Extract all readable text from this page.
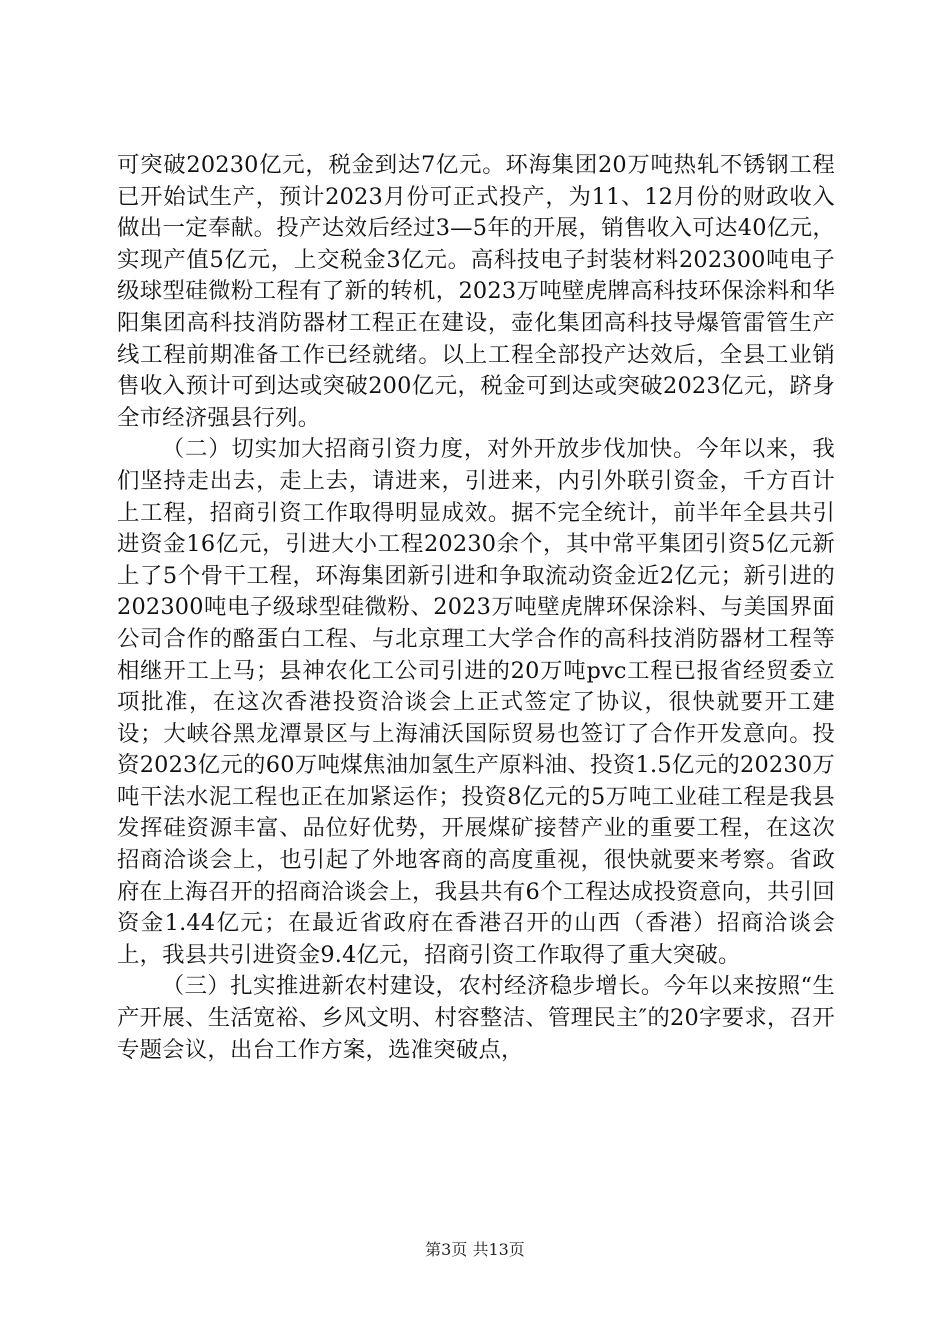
可突破20230亿元，税金到达7亿元。环海集团20万吨热轧不锈钢工程已开始试生产，预计2023月份可正式投产，为11、12月份的财政收入做出一定奉献。投产达效后经过3—5年的开展，销售收入可达40亿元，实现产值5亿元，上交税金3亿元。高科技电子封装材料202300吨电子级球型硅微粉工程有了新的转机，2023万吨壁虎牌高科技环保涂料和华阳集团高科技消防器材工程正在建设，壶化集团高科技导爆管雷管生产线工程前期准备工作已经就绪。以上工程全部投产达效后，全县工业销售收入预计可到达或突破200亿元，税金可到达或突破2023亿元，跻身全市经济强县行列。

（二）切实加大招商引资力度，对外开放步伐加快。今年以来，我们坚持走出去，走上去，请进来，引进来，内引外联引资金，千方百计上工程，招商引资工作取得明显成效。据不完全统计，前半年全县共引进资金16亿元，引进大小工程20230余个，其中常平集团引资5亿元新上了5个骨干工程，环海集团新引进和争取流动资金近2亿元；新引进的202300吨电子级球型硅微粉、2023万吨壁虎牌环保涂料、与美国界面公司合作的酪蛋白工程、与北京理工大学合作的高科技消防器材工程等相继开工上马；县神农化工公司引进的20万吨pvc工程已报省经贸委立项批准，在这次香港投资洽谈会上正式签定了协议，很快就要开工建设；大峡谷黑龙潭景区与上海浦沃国际贸易也签订了合作开发意向。投资2023亿元的60万吨煤焦油加氢生产原料油、投资1.5亿元的20230万吨干法水泥工程也正在加紧运作；投资8亿元的5万吨工业硅工程是我县发挥硅资源丰富、品位好优势，开展煤矿接替产业的重要工程，在这次招商洽谈会上，也引起了外地客商的高度重视，很快就要来考察。省政府在上海召开的招商洽谈会上，我县共有6个工程达成投资意向，共引回资金1.44亿元；在最近省政府在香港召开的山西（香港）招商洽谈会上，我县共引进资金9.4亿元，招商引资工作取得了重大突破。

（三）扎实推进新农村建设，农村经济稳步增长。今年以来按照“生产开展、生活宽裕、乡风文明、村容整洁、管理民主″的20字要求，召开专题会议，出台工作方案，选准突破点，

第3页 共13页
